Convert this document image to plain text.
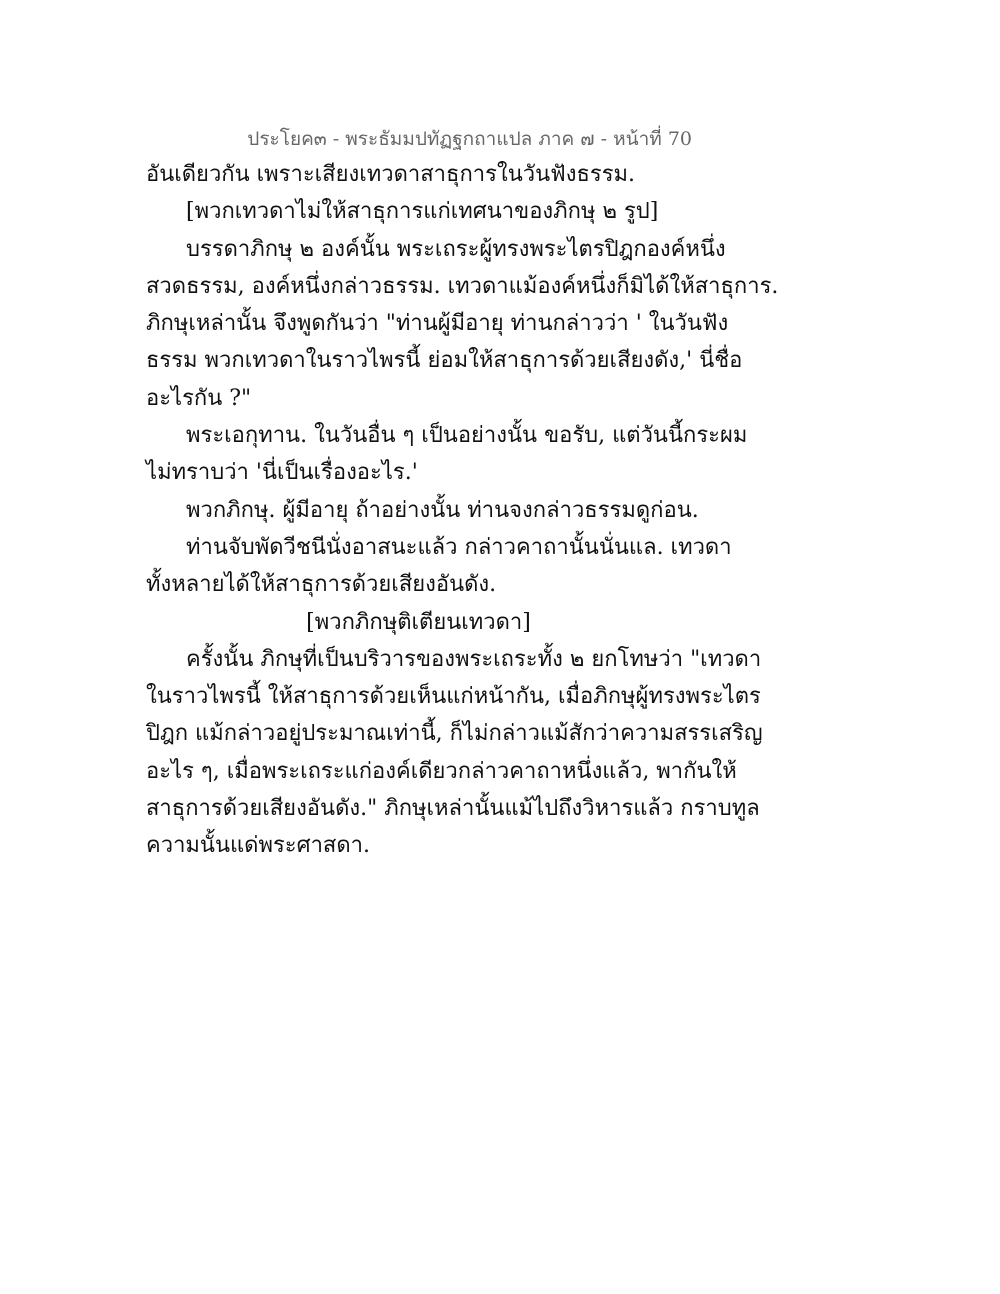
ประโยค๓ - พระธัมมปทัฏฐกถาแปล ภาค ๗ - หน้าที่ 70
อันเดียวกัน เพราะเสียงเทวดาสาธุการในวันฟังธรรม.
[พวกเทวดาไม่ให้สาธุการแก่เทศนาของภิกษุ ๒ รูป]
บรรดาภิกษุ ๒ องค์นั้น พระเถระผู้ทรงพระไตรปิฎกองค์หนึ่ง
สวดธรรม, องค์หนึ่งกล่าวธรรม. เทวดาแม้องค์หนึ่งก็มิได้ให้สาธุการ.
ภิกษุเหล่านั้น จึงพูดกันว่า "ท่านผู้มีอายุ ท่านกล่าวว่า ' ในวันฟัง
ธรรม พวกเทวดาในราวไพรนี้ ย่อมให้สาธุการด้วยเสียงดัง,' นี่ชื่อ
อะไรกัน ?"
พระเอกุทาน. ในวันอื่น ๆ เป็นอย่างนั้น ขอรับ, แต่วันนี้กระผม
ไม่ทราบว่า 'นี่เป็นเรื่องอะไร.'
พวกภิกษุ. ผู้มีอายุ ถ้าอย่างนั้น ท่านจงกล่าวธรรมดูก่อน.
ท่านจับพัดวีชนีนั่งอาสนะแล้ว กล่าวคาถานั้นนั่นแล. เทวดา
ทั้งหลายได้ให้สาธุการด้วยเสียงอันดัง.
[พวกภิกษุติเตียนเทวดา]
ครั้งนั้น ภิกษุที่เป็นบริวารของพระเถระทั้ง ๒ ยกโทษว่า "เทวดา
ในราวไพรนี้ ให้สาธุการด้วยเห็นแก่หน้ากัน, เมื่อภิกษุผู้ทรงพระไตร
ปิฎก แม้กล่าวอยู่ประมาณเท่านี้, ก็ไม่กล่าวแม้สักว่าความสรรเสริญ
อะไร ๆ, เมื่อพระเถระแก่องค์เดียวกล่าวคาถาหนึ่งแล้ว, พากันให้
สาธุการด้วยเสียงอันดัง." ภิกษุเหล่านั้นแม้ไปถึงวิหารแล้ว กราบทูล
ความนั้นแด่พระศาสดา.
